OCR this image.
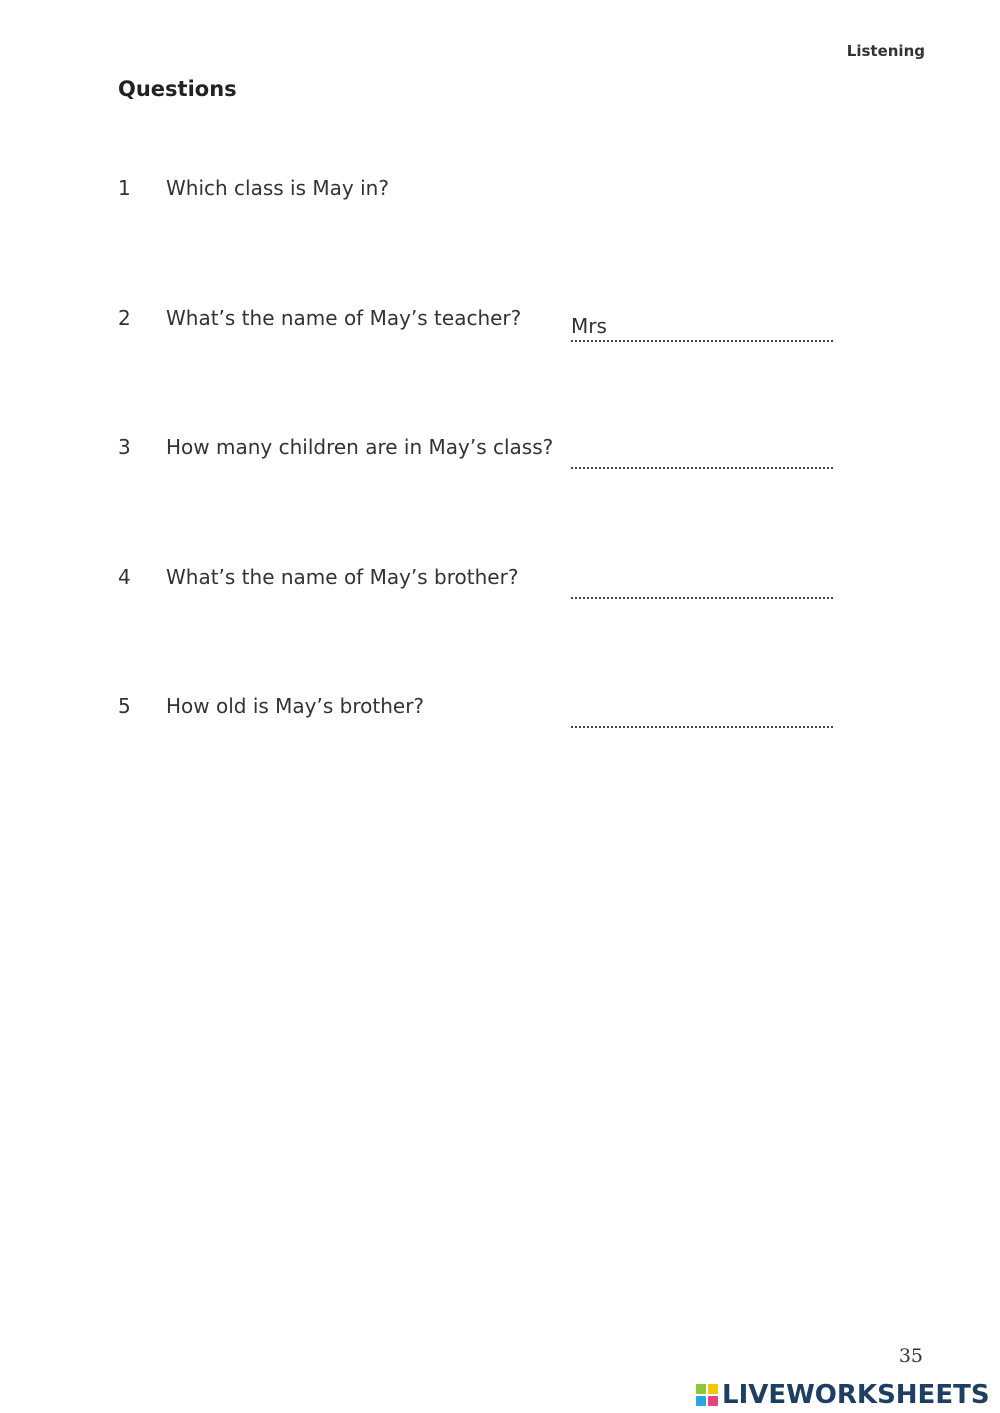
Listening
Questions
1 Which class is May in?
2 What’s the name of May’s teacher? Mrs
3 How many children are in May’s class?
4 What’s the name of May’s brother?
5 How old is May’s brother?
35
LIVEWORKSHEETS
